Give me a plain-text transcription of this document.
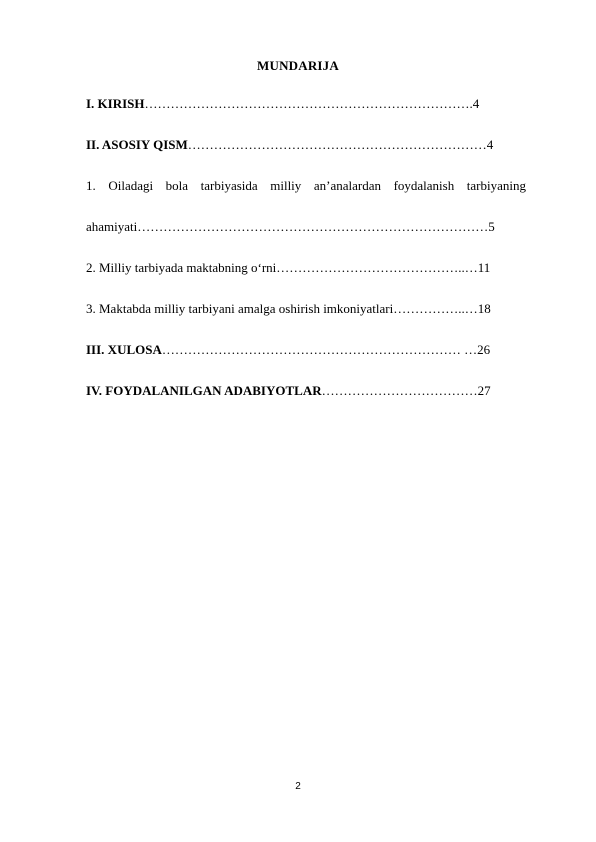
MUNDARIJA
I. KIRISH………………………………………………………………….4
II. ASOSIY QISM……………………………………………………………4
1. Oiladagi bola tarbiyasida milliy anʼanalardan foydalanish tarbiyaning
ahamiyati………………………………………………………………………5
2. Milliy tarbiyada maktabning o‘rni……………………………………..…11
3. Maktabda milliy tarbiyani amalga oshirish imkoniyatlari……………..…18
III. XULOSA…………………………………………………………… …26
IV. FOYDALANILGAN ADABIYOTLAR………………………………27
2
